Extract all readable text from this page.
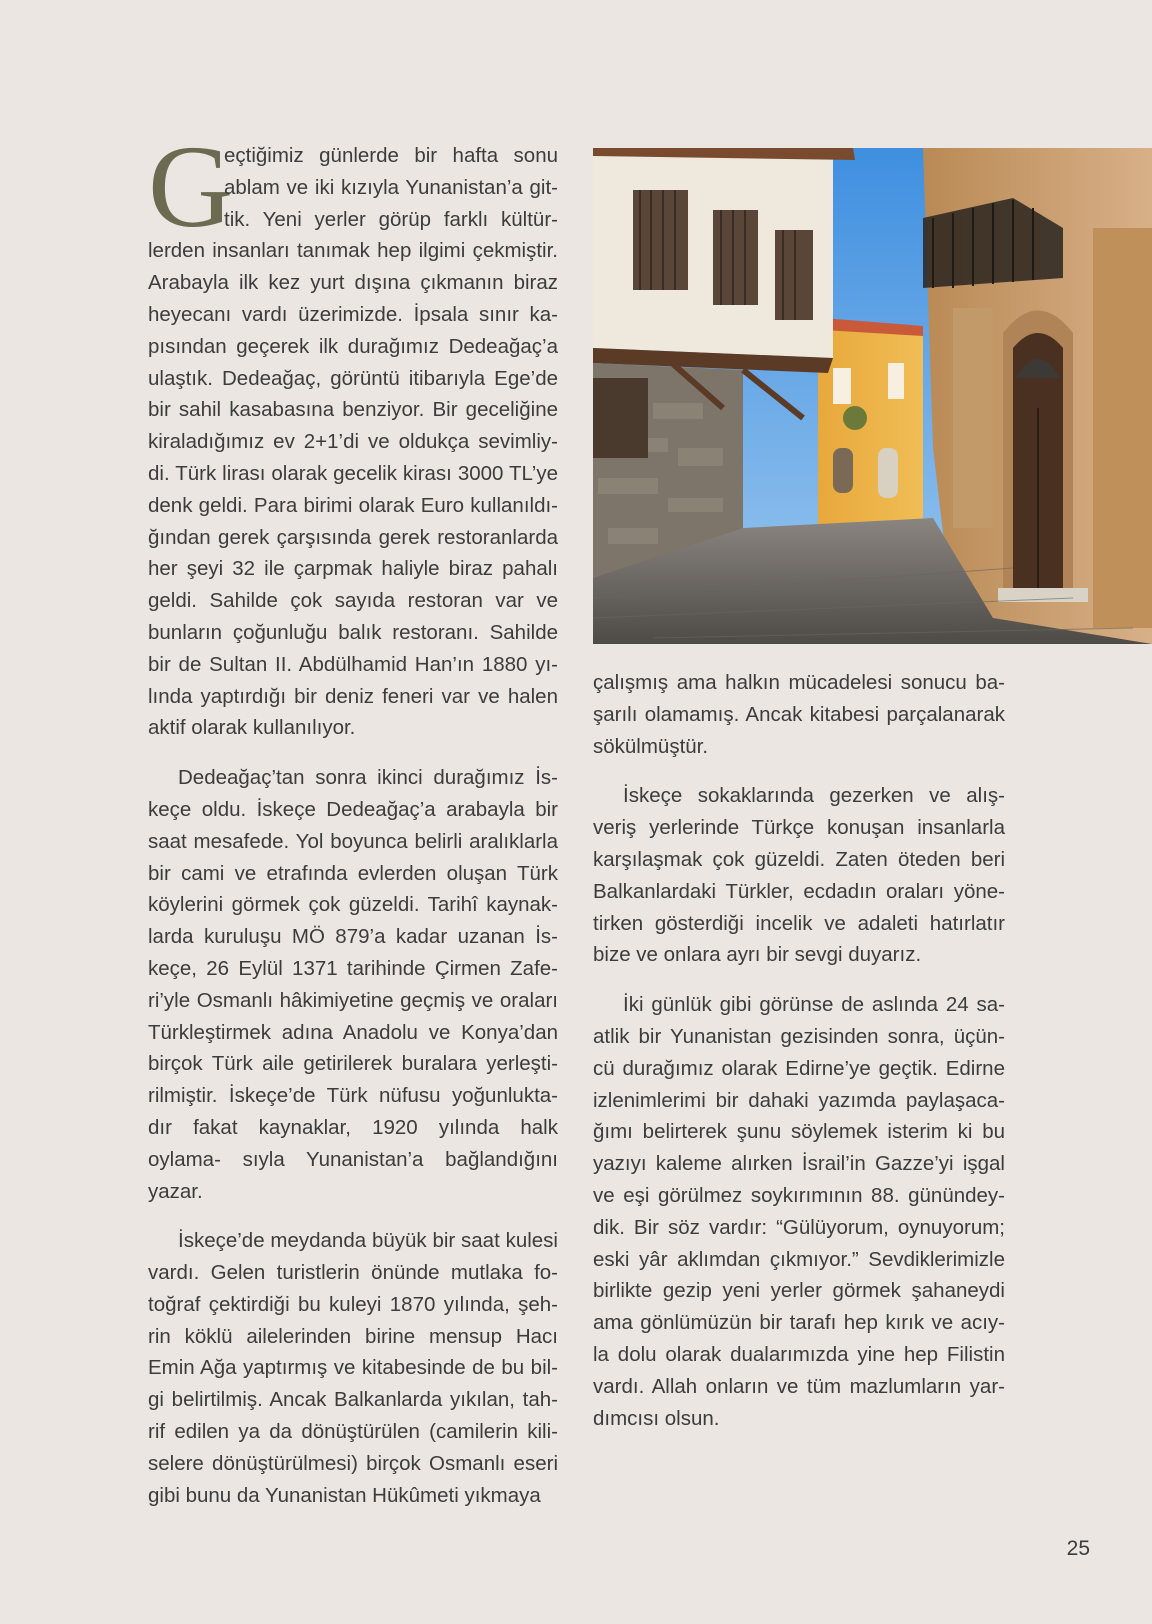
G
eçtiğimiz günlerde bir hafta sonu ablam ve iki kızıyla Yunanistan’a git- tik. Yeni yerler görüp farklı kültür- lerden insanları tanımak hep ilgimi çekmiştir. Arabayla ilk kez yurt dışına çıkmanın biraz heyecanı vardı üzerimizde. İpsala sınır ka- pısından geçerek ilk durağımız Dedeağaç’a ulaştık. Dedeağaç, görüntü itibarıyla Ege’de bir sahil kasabasına benziyor. Bir geceliğine kiraladığımız ev 2+1’di ve oldukça sevimliy- di. Türk lirası olarak gecelik kirası 3000 TL’ye denk geldi. Para birimi olarak Euro kullanıldı- ğından gerek çarşısında gerek restoranlarda her şeyi 32 ile çarpmak haliyle biraz pahalı geldi. Sahilde çok sayıda restoran var ve bunların çoğunluğu balık restoranı. Sahilde bir de Sultan II. Abdülhamid Han’ın 1880 yı- lında yaptırdığı bir deniz feneri var ve halen aktif olarak kullanılıyor.

Dedeağaç’tan sonra ikinci durağımız İs- keçe oldu. İskeçe Dedeağaç’a arabayla bir saat mesafede. Yol boyunca belirli aralıklarla bir cami ve etrafında evlerden oluşan Türk köylerini görmek çok güzeldi. Tarihî kaynak- larda kuruluşu MÖ 879’a kadar uzanan İs- keçe, 26 Eylül 1371 tarihinde Çirmen Zafe- ri’yle Osmanlı hâkimiyetine geçmiş ve oraları Türkleştirmek adına Anadolu ve Konya’dan birçok Türk aile getirilerek buralara yerleşti- rilmiştir. İskeçe’de Türk nüfusu yoğunlukta- dır fakat kaynaklar, 1920 yılında halk oylama- sıyla Yunanistan’a bağlandığını yazar.

İskeçe’de meydanda büyük bir saat kulesi vardı. Gelen turistlerin önünde mutlaka fo- toğraf çektirdiği bu kuleyi 1870 yılında, şeh- rin köklü ailelerinden birine mensup Hacı Emin Ağa yaptırmış ve kitabesinde de bu bil- gi belirtilmiş. Ancak Balkanlarda yıkılan, tah- rif edilen ya da dönüştürülen (camilerin kili- selere dönüştürülmesi) birçok Osmanlı eseri gibi bunu da Yunanistan Hükûmeti yıkmaya

çalışmış ama halkın mücadelesi sonucu ba- şarılı olamamış. Ancak kitabesi parçalanarak sökülmüştür.

İskeçe sokaklarında gezerken ve alış- veriş yerlerinde Türkçe konuşan insanlarla karşılaşmak çok güzeldi. Zaten öteden beri Balkanlardaki Türkler, ecdadın oraları yöne- tirken gösterdiği incelik ve adaleti hatırlatır bize ve onlara ayrı bir sevgi duyarız.

İki günlük gibi görünse de aslında 24 sa- atlik bir Yunanistan gezisinden sonra, üçün- cü durağımız olarak Edirne’ye geçtik. Edirne izlenimlerimi bir dahaki yazımda paylaşaca- ğımı belirterek şunu söylemek isterim ki bu yazıyı kaleme alırken İsrail’in Gazze’yi işgal ve eşi görülmez soykırımının 88. günündey- dik. Bir söz vardır: “Gülüyorum, oynuyorum; eski yâr aklımdan çıkmıyor.” Sevdiklerimizle birlikte gezip yeni yerler görmek şahaneydi ama gönlümüzün bir tarafı hep kırık ve acıy- la dolu olarak dualarımızda yine hep Filistin vardı. Allah onların ve tüm mazlumların yar- dımcısı olsun.

25
